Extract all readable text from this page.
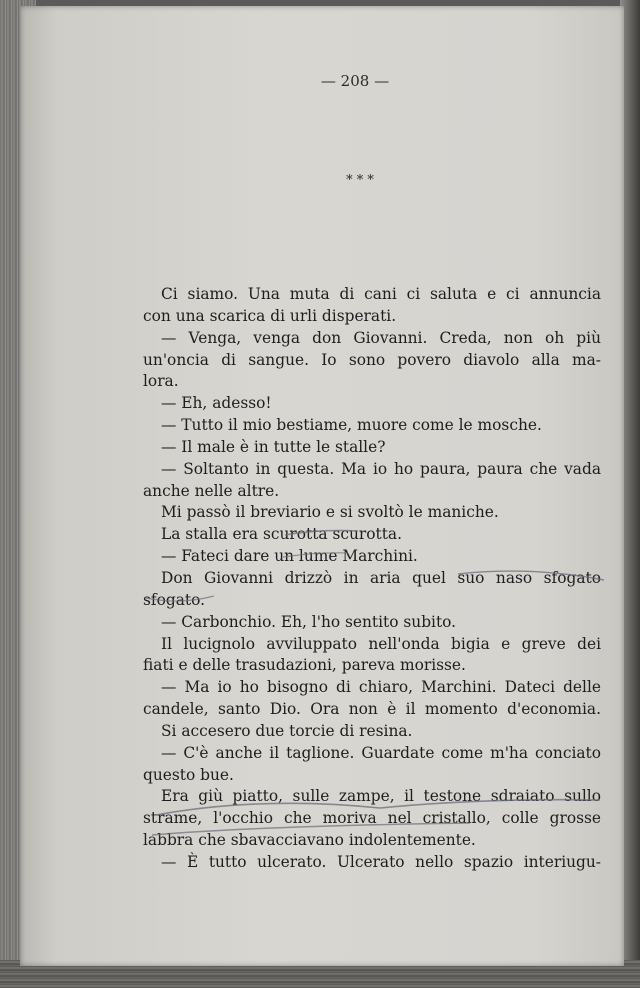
— 208 —
* * *
Ci siamo. Una muta di cani ci saluta e ci annuncia
con una scarica di urli disperati.
— Venga, venga don Giovanni. Creda, non oh più
un'oncia di sangue. Io sono povero diavolo alla ma-
lora.
— Eh, adesso!
— Tutto il mio bestiame, muore come le mosche.
— Il male è in tutte le stalle?
— Soltanto in questa. Ma io ho paura, paura che vada
anche nelle altre.
Mi passò il breviario e si svoltò le maniche.
La stalla era scurotta scurotta.
— Fateci dare un lume Marchini.
Don Giovanni drizzò in aria quel suo naso sfogato
sfogato.
— Carbonchio. Eh, l'ho sentito subito.
Il lucignolo avviluppato nell'onda bigia e greve dei
fiati e delle trasudazioni, pareva morisse.
— Ma io ho bisogno di chiaro, Marchini. Dateci delle
candele, santo Dio. Ora non è il momento d'economia.
Si accesero due torcie di resina.
— C'è anche il taglione. Guardate come m'ha conciato
questo bue.
Era giù piatto, sulle zampe, il testone sdraiato sullo
strame, l'occhio che moriva nel cristallo, colle grosse
labbra che sbavacciavano indolentemente.
— È tutto ulcerato. Ulcerato nello spazio interiugu-
